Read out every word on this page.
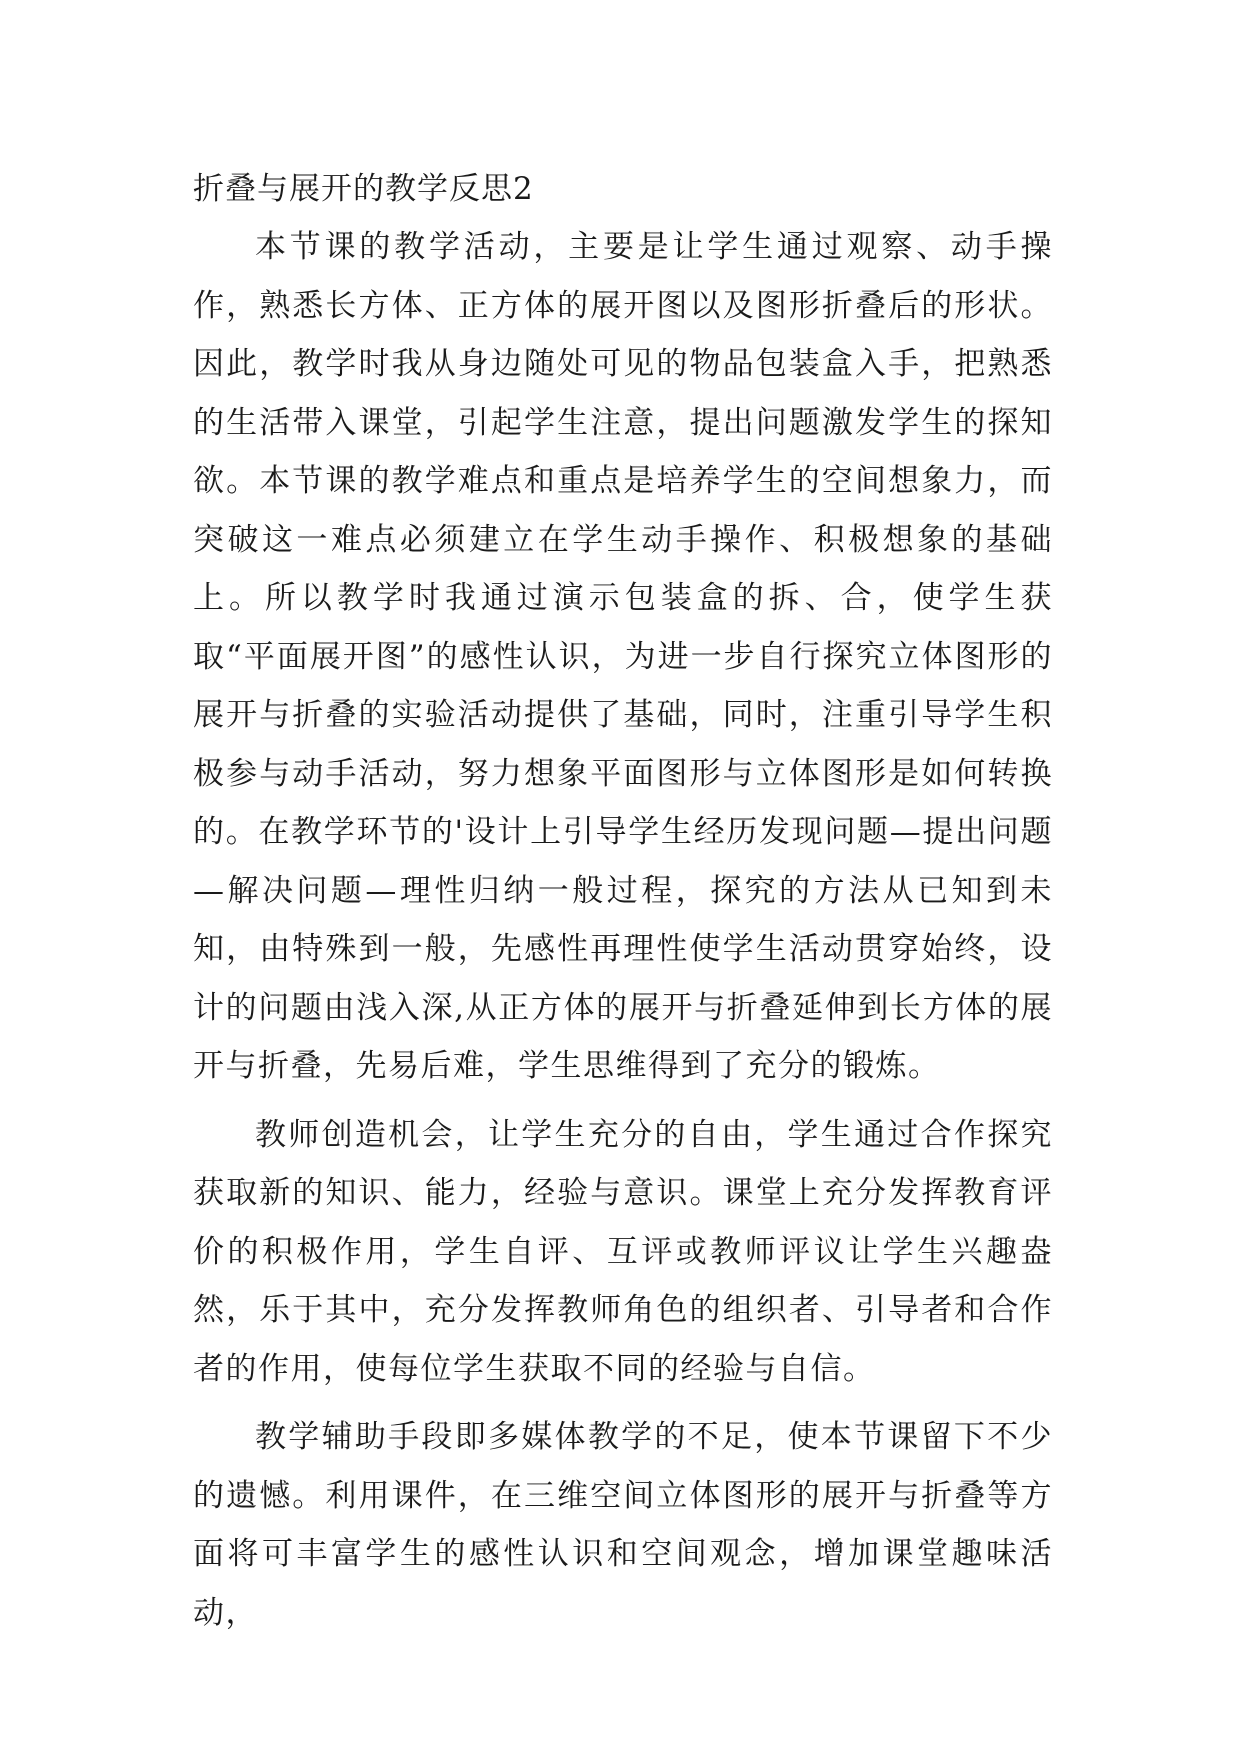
折叠与展开的教学反思2

本节课的教学活动，主要是让学生通过观察、动手操作，熟悉长方体、正方体的展开图以及图形折叠后的形状。因此，教学时我从身边随处可见的物品包装盒入手，把熟悉的生活带入课堂，引起学生注意，提出问题激发学生的探知欲。本节课的教学难点和重点是培养学生的空间想象力，而突破这一难点必须建立在学生动手操作、积极想象的基础上。所以教学时我通过演示包装盒的拆、合，使学生获取“平面展开图”的感性认识，为进一步自行探究立体图形的展开与折叠的实验活动提供了基础，同时，注重引导学生积极参与动手活动，努力想象平面图形与立体图形是如何转换的。在教学环节的'设计上引导学生经历发现问题—提出问题—解决问题—理性归纳一般过程，探究的方法从已知到未知，由特殊到一般，先感性再理性使学生活动贯穿始终，设计的问题由浅入深,从正方体的展开与折叠延伸到长方体的展开与折叠，先易后难，学生思维得到了充分的锻炼。

教师创造机会，让学生充分的自由，学生通过合作探究获取新的知识、能力，经验与意识。课堂上充分发挥教育评价的积极作用，学生自评、互评或教师评议让学生兴趣盎然，乐于其中，充分发挥教师角色的组织者、引导者和合作者的作用，使每位学生获取不同的经验与自信。

教学辅助手段即多媒体教学的不足，使本节课留下不少的遗憾。利用课件，在三维空间立体图形的展开与折叠等方面将可丰富学生的感性认识和空间观念，增加课堂趣味活动，
